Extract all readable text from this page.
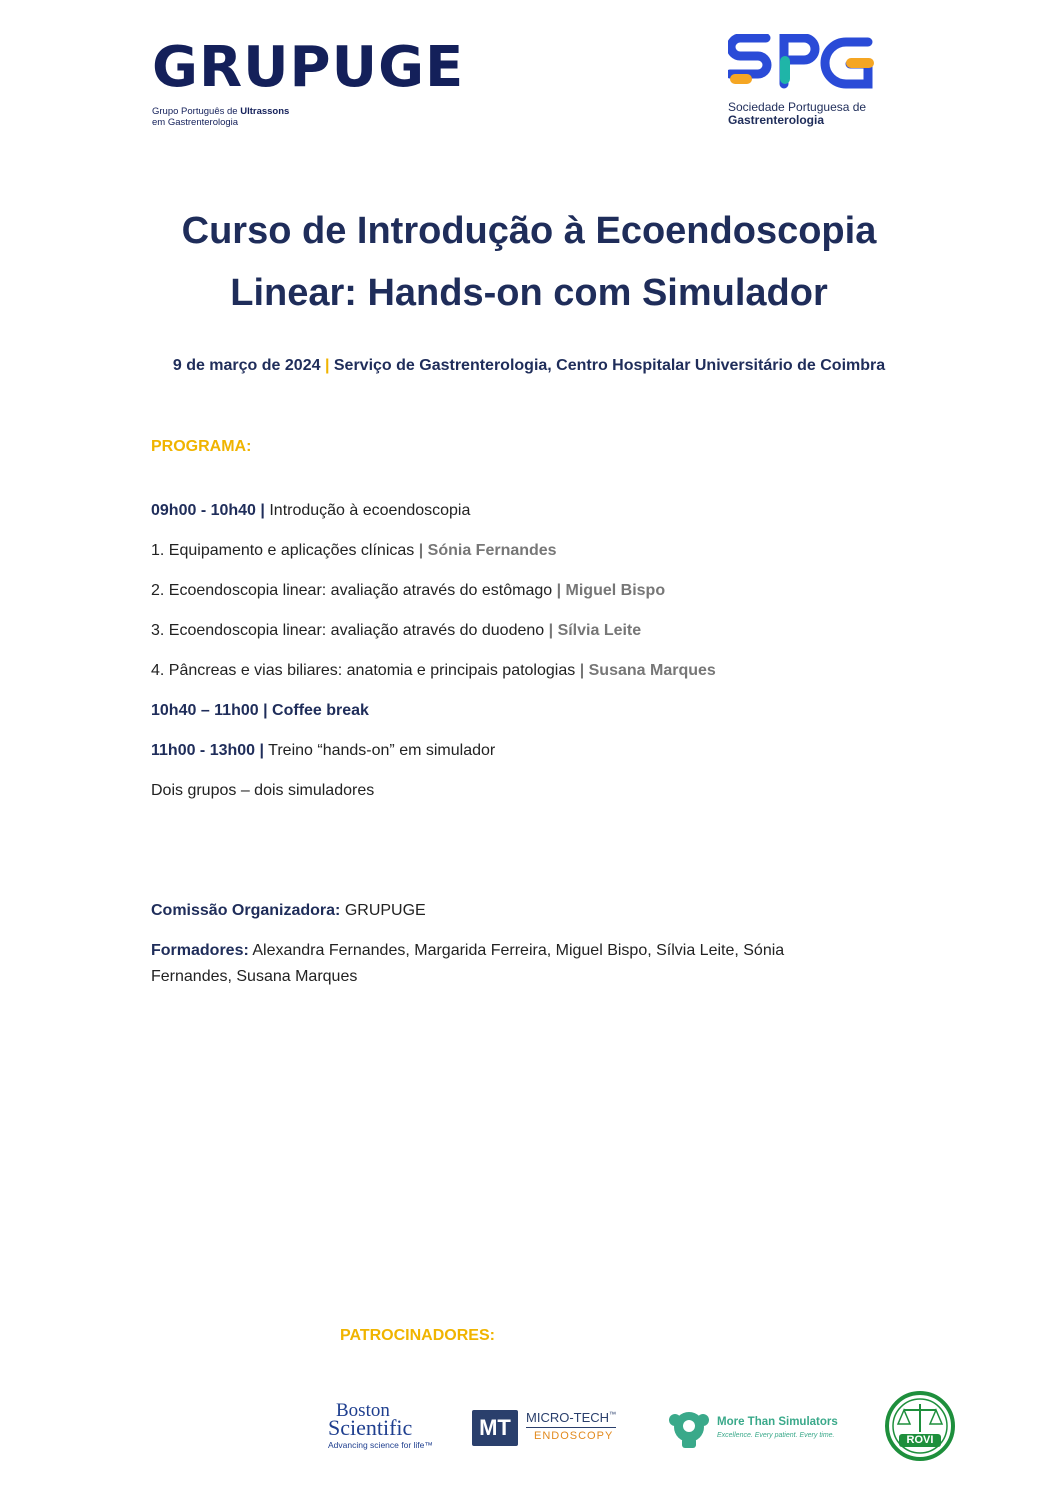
GRUPUGE
Grupo Português de Ultrassons
em Gastrenterologia
Sociedade Portuguesa de
Gastrenterologia
Curso de Introdução à Ecoendoscopia
Linear: Hands-on com Simulador
9 de março de 2024 | Serviço de Gastrenterologia, Centro Hospitalar Universitário de Coimbra
PROGRAMA:
09h00 - 10h40 | Introdução à ecoendoscopia
1. Equipamento e aplicações clínicas | Sónia Fernandes
2. Ecoendoscopia linear: avaliação através do estômago | Miguel Bispo
3. Ecoendoscopia linear: avaliação através do duodeno | Sílvia Leite
4. Pâncreas e vias biliares: anatomia e principais patologias | Susana Marques
10h40 – 11h00 | Coffee break
11h00 - 13h00 | Treino “hands-on” em simulador
Dois grupos – dois simuladores
Comissão Organizadora: GRUPUGE
Formadores: Alexandra Fernandes, Margarida Ferreira, Miguel Bispo, Sílvia Leite, Sónia
Fernandes, Susana Marques
PATROCINADORES:
Boston
Scientific
Advancing science for life™
MT	MICRO-TECH™
ENDOSCOPY
More Than Simulators
Excellence. Every patient. Every time.	ROVI
